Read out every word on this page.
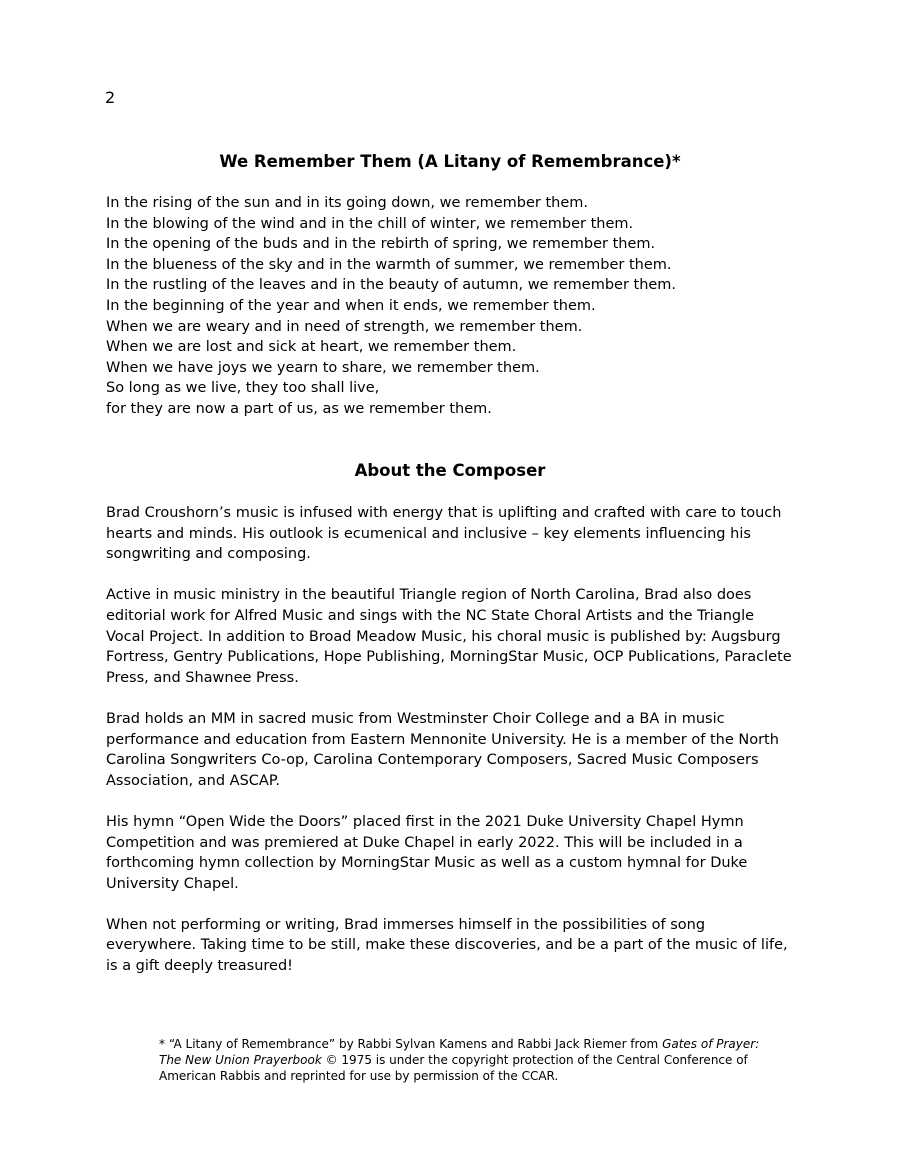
2
We Remember Them (A Litany of Remembrance)*
In the rising of the sun and in its going down, we remember them.
In the blowing of the wind and in the chill of winter, we remember them.
In the opening of the buds and in the rebirth of spring, we remember them.
In the blueness of the sky and in the warmth of summer, we remember them.
In the rustling of the leaves and in the beauty of autumn, we remember them.
In the beginning of the year and when it ends, we remember them.
When we are weary and in need of strength, we remember them.
When we are lost and sick at heart, we remember them.
When we have joys we yearn to share, we remember them.
So long as we live, they too shall live,
for they are now a part of us, as we remember them.
About the Composer

Brad Croushorn’s music is infused with energy that is uplifting and crafted with care to touch hearts and minds. His outlook is ecumenical and inclusive – key elements influencing his songwriting and composing.

Active in music ministry in the beautiful Triangle region of North Carolina, Brad also does editorial work for Alfred Music and sings with the NC State Choral Artists and the Triangle Vocal Project. In addition to Broad Meadow Music, his choral music is published by: Augsburg Fortress, Gentry Publications, Hope Publishing, MorningStar Music, OCP Publications, Paraclete Press, and Shawnee Press.

Brad holds an MM in sacred music from Westminster Choir College and a BA in music performance and education from Eastern Mennonite University. He is a member of the North Carolina Songwriters Co-op, Carolina Contemporary Composers, Sacred Music Composers Association, and ASCAP.

His hymn “Open Wide the Doors” placed first in the 2021 Duke University Chapel Hymn Competition and was premiered at Duke Chapel in early 2022. This will be included in a forthcoming hymn collection by MorningStar Music as well as a custom hymnal for Duke University Chapel.

When not performing or writing, Brad immerses himself in the possibilities of song everywhere. Taking time to be still, make these discoveries, and be a part of the music of life, is a gift deeply treasured!

* “A Litany of Remembrance” by Rabbi Sylvan Kamens and Rabbi Jack Riemer from Gates of Prayer: The New Union Prayerbook © 1975 is under the copyright protection of the Central Conference of American Rabbis and reprinted for use by permission of the CCAR.
